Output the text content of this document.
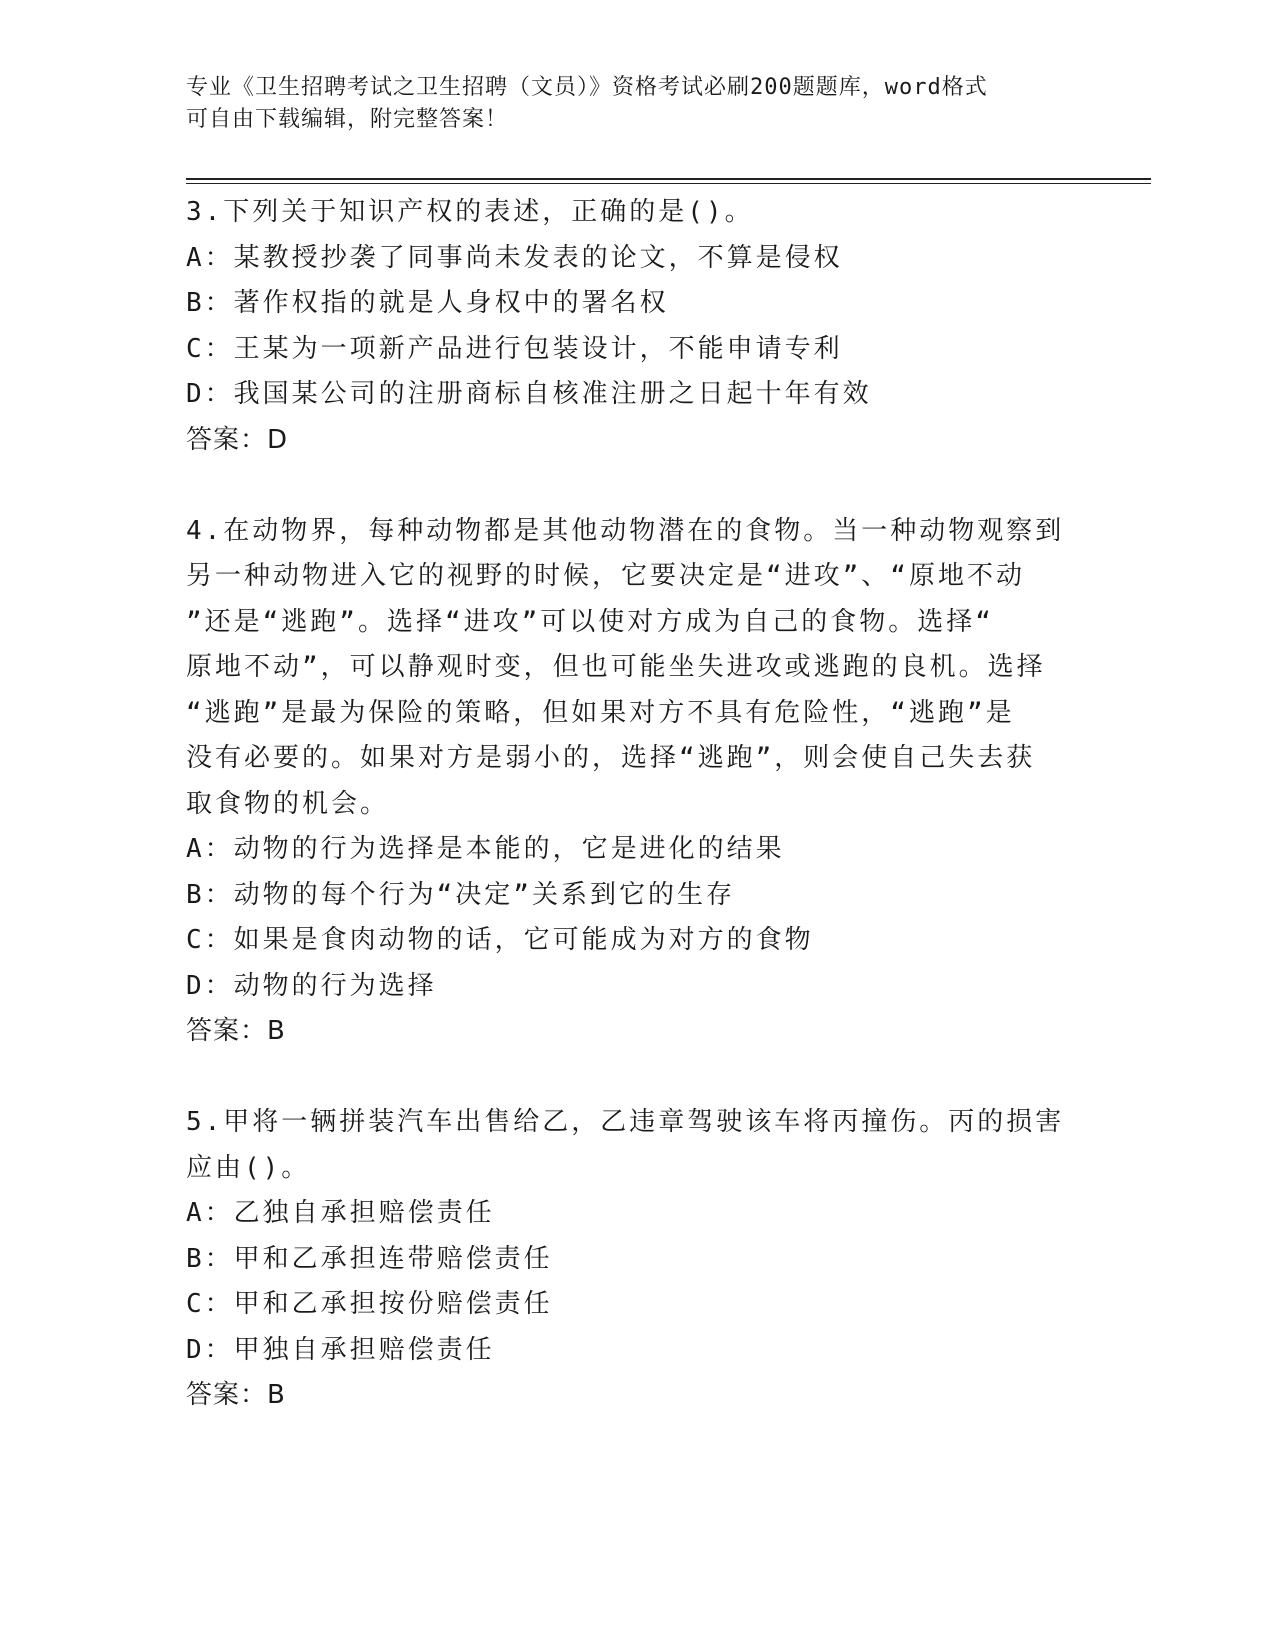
专业《卫生招聘考试之卫生招聘（文员）》资格考试必刷200题题库，word格式
可自由下载编辑，附完整答案！
3.下列关于知识产权的表述，正确的是()。
A：某教授抄袭了同事尚未发表的论文，不算是侵权
B：著作权指的就是人身权中的署名权
C：王某为一项新产品进行包装设计，不能申请专利
D：我国某公司的注册商标自核准注册之日起十年有效
答案：D
4.在动物界，每种动物都是其他动物潜在的食物。当一种动物观察到
另一种动物进入它的视野的时候，它要决定是“进攻”、“原地不动
”还是“逃跑”。选择“进攻”可以使对方成为自己的食物。选择“
原地不动”，可以静观时变，但也可能坐失进攻或逃跑的良机。选择
“逃跑”是最为保险的策略，但如果对方不具有危险性，“逃跑”是
没有必要的。如果对方是弱小的，选择“逃跑”，则会使自己失去获
取食物的机会。
A：动物的行为选择是本能的，它是进化的结果
B：动物的每个行为“决定”关系到它的生存
C：如果是食肉动物的话，它可能成为对方的食物
D：动物的行为选择
答案：B
5.甲将一辆拼装汽车出售给乙，乙违章驾驶该车将丙撞伤。丙的损害
应由()。
A：乙独自承担赔偿责任
B：甲和乙承担连带赔偿责任
C：甲和乙承担按份赔偿责任
D：甲独自承担赔偿责任
答案：B
